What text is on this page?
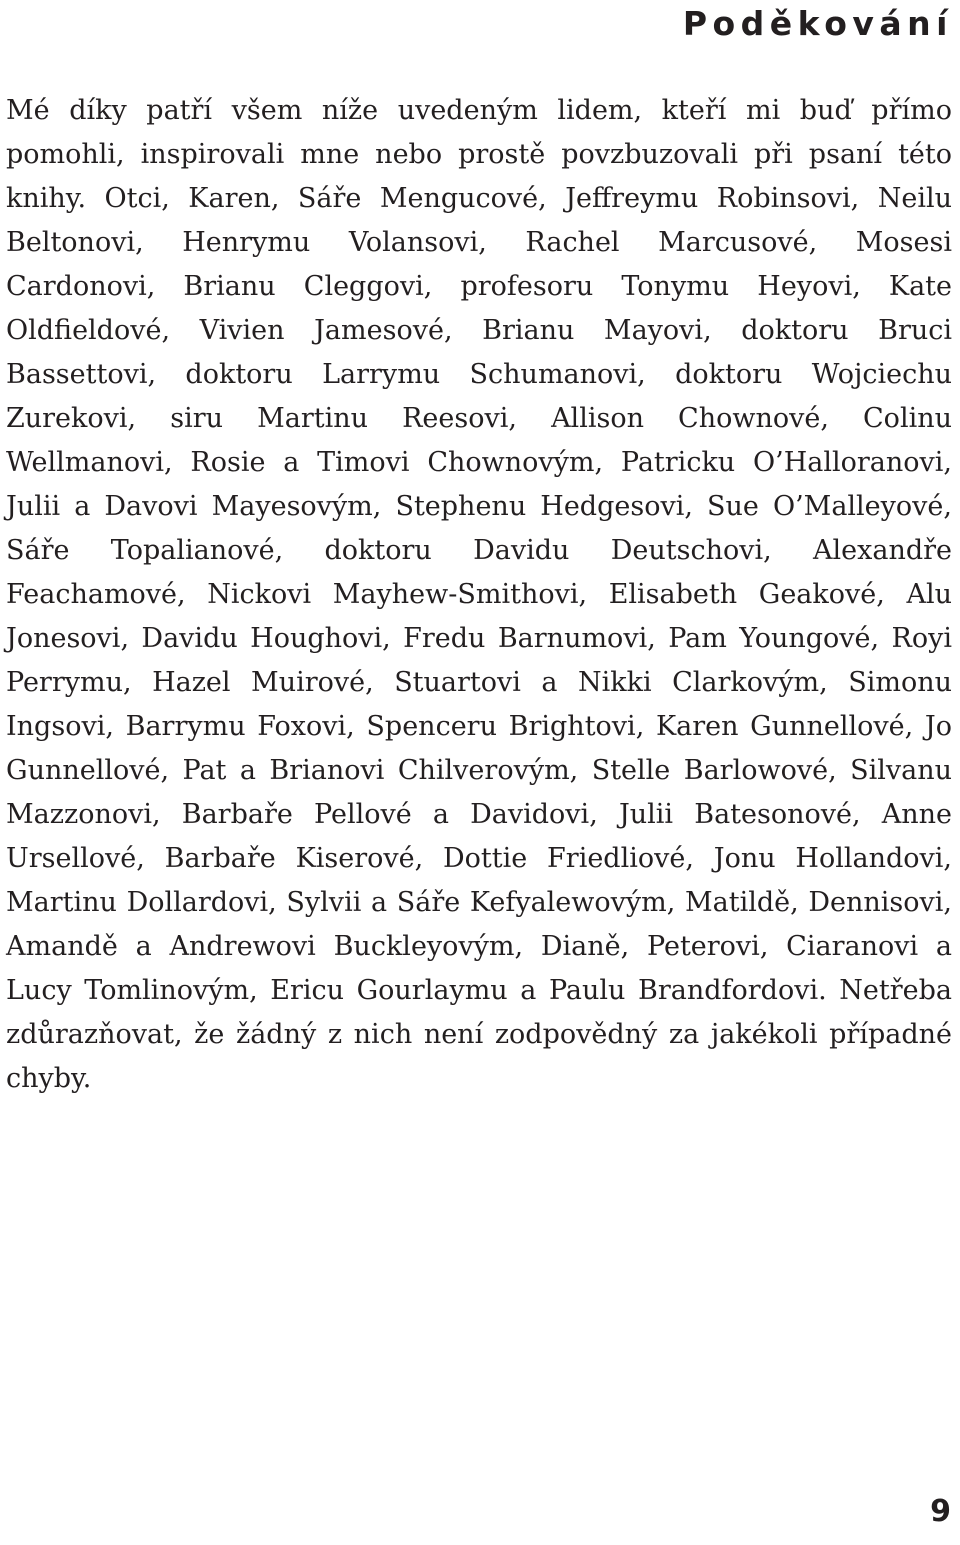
Poděkování

Mé díky patří všem níže uvedeným lidem, kteří mi buď přímo pomohli, inspirovali mne nebo prostě povzbuzovali při psaní této knihy. Otci, Karen, Sáře Mengucové, Jeffreymu Robinsovi, Neilu Beltonovi, Henrymu Volansovi, Rachel Marcusové, Mosesi Cardonovi, Brianu Cleggovi, profesoru Tonymu Heyovi, Kate Oldfieldové, Vivien Jamesové, Brianu Mayovi, doktoru Bruci Bassettovi, doktoru Larrymu Schumanovi, doktoru Wojciechu Zurekovi, siru Martinu Reesovi, Allison Chownové, Colinu Wellmanovi, Rosie a Timovi Chownovým, Patricku O’Halloranovi, Julii a Davovi Mayesovým, Stephenu Hedgesovi, Sue O’Malleyové, Sáře Topalianové, doktoru Davidu Deutschovi, Alexandře Feachamové, Nickovi Mayhew-Smithovi, Elisabeth Geakové, Alu Jonesovi, Davidu Houghovi, Fredu Barnumovi, Pam Youngové, Royi Perrymu, Hazel Muirové, Stuartovi a Nikki Clarkovým, Simonu Ingsovi, Barrymu Foxovi, Spenceru Brightovi, Karen Gunnellové, Jo Gunnellové, Pat a Brianovi Chilverovým, Stelle Barlowové, Silvanu Mazzonovi, Barbaře Pellové a Davidovi, Julii Batesonové, Anne Ursellové, Barbaře Kiserové, Dottie Friedliové, Jonu Hollandovi, Martinu Dollardovi, Sylvii a Sáře Kefyalewovým, Matildě, Dennisovi, Amandě a Andrewovi Buckleyovým, Dianě, Peterovi, Ciaranovi a Lucy Tomlinovým, Ericu Gourlaymu a Paulu Brandfordovi. Netřeba zdůrazňovat, že žádný z nich není zodpovědný za jakékoli případné chyby.

9
